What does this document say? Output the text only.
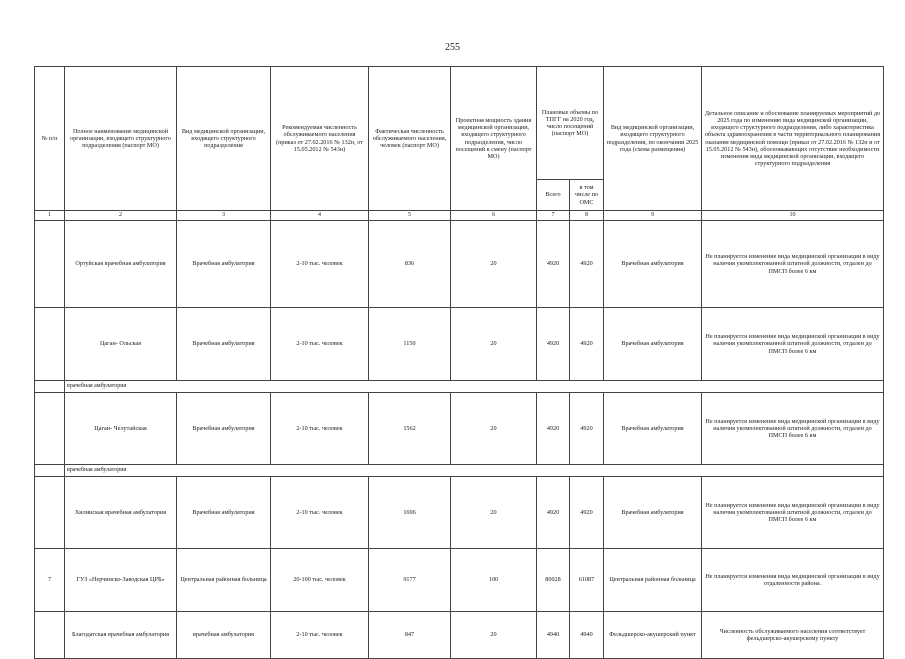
255
№ п/п	Полное наименование медицинской организации, входящего структурного подразделения (паспорт МО)	Вид медицинской организации, входящего структурного подразделения	Рекомендуемая численность обслуживаемого населения (приказ от 27.02.2016 № 132н, от 15.05.2012 № 543н)	Фактическая численность обслуживаемого населения, человек (паспорт МО)	Проектная мощность здания медицинской организации, входящего структурного подразделения, число посещений в смену (паспорт МО)	Плановые объемы по ТПГГ на 2020 год, число посещений (паспорт МО)		Вид медицинской организации, входящего структурного подразделения, по окончании 2025 года (схема размещения)	Детальное описание и обоснование планируемых мероприятий до 2025 года по изменению вида медицинской организации, входящего структурного подразделения, либо характеристика объекта здравоохранения в части территориального планирования оказания медицинской помощи (приказ от 27.02.2016 № 132н и от 15.05.2012 № 543н), обосновывающих отсутствие необходимости изменения вида медицинской организации, входящего структурного подразделения
						Всего	в том числе по ОМС		
1	2	3	4	5	6	7	8	9	10
	Ортуйская врачебная амбулатория	Врачебная амбулатория	2-10 тыс. человек	836	20	4920	4920	Врачебная амбулатория	Не планируется изменение вида медицинской организации в виду наличия укомплектованной штатной должности, отдален до ПМСП более 6 км
	Цаган- Ольская	Врачебная амбулатория	2-10 тыс. человек	1150	20	4920	4920	Врачебная амбулатория	Не планируется изменение вида медицинской организации в виду наличия укомплектованной штатной должности, отдален до ПМСП более 6 км
	врачебная амбулатория								
	Цаган- Челутайская	Врачебная амбулатория	2-10 тыс. человек	1562	20	4920	4920	Врачебная амбулатория	Не планируется изменение вида медицинской организации в виду наличия укомплектованной штатной должности, отдален до ПМСП более 6 км
	врачебная амбулатория								
	Хилинская врачебная амбулатория	Врачебная амбулатория	2-10 тыс. человек	1696	20	4920	4920	Врачебная амбулатория	Не планируется изменение вида медицинской организации в виду наличия укомплектованной штатной должности, отдален до ПМСП более 6 км
7	ГУЗ «Нерчинско-Заводская ЦРБ»	Центральная районная больница	20-100 тыс. человек	9177	100	80028	61087	Центральная районная больница	Не планируется изменения вида медицинской организации в виду отдаленности района.
	Благодатская врачебная амбулатория	врачебная амбулатория	2-10 тыс. человек	847	20	4940	4940	Фельдшерско-акушерский пункт	Численность обслуживаемого населения соответствует фельдшерско-акушерскому пункту
